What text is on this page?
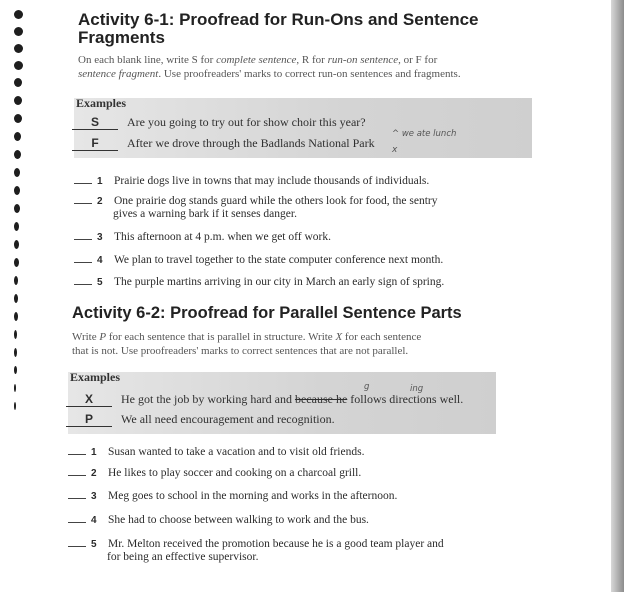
Activity 6-1: Proofread for Run-Ons and Sentence
Fragments
On each blank line, write S for complete sentence, R for run-on sentence, or F for
sentence fragment. Use proofreaders' marks to correct run-on sentences and fragments.
Examples
S Are you going to try out for show choir this year?
F After we drove through the Badlands National Park
^ we ate lunch
x
1 Prairie dogs live in towns that may include thousands of individuals.
2 One prairie dog stands guard while the others look for food, the sentry
gives a warning bark if it senses danger.
3 This afternoon at 4 p.m. when we get off work.
4 We plan to travel together to the state computer conference next month.
5 The purple martins arriving in our city in March an early sign of spring.
Activity 6-2: Proofread for Parallel Sentence Parts
Write P for each sentence that is parallel in structure. Write X for each sentence
that is not. Use proofreaders' marks to correct sentences that are not parallel.
Examples
X He got the job by working hard and because he follows directions well.
g	ing
P We all need encouragement and recognition.
1 Susan wanted to take a vacation and to visit old friends.
2 He likes to play soccer and cooking on a charcoal grill.
3 Meg goes to school in the morning and works in the afternoon.
4 She had to choose between walking to work and the bus.
5 Mr. Melton received the promotion because he is a good team player and
for being an effective supervisor.
